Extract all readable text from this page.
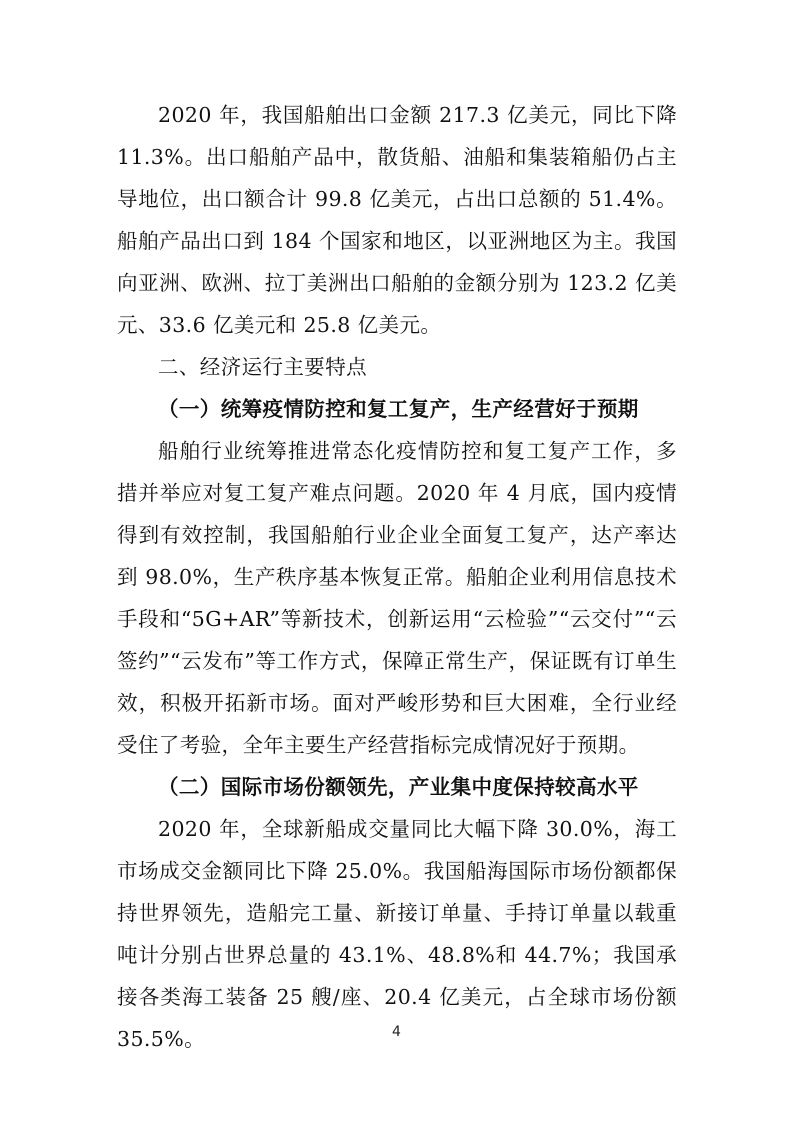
2020 年，我国船舶出口金额 217.3 亿美元，同比下降 11.3%。出口船舶产品中，散货船、油船和集装箱船仍占主导地位，出口额合计 99.8 亿美元，占出口总额的 51.4%。船舶产品出口到 184 个国家和地区，以亚洲地区为主。我国向亚洲、欧洲、拉丁美洲出口船舶的金额分别为 123.2 亿美元、33.6 亿美元和 25.8 亿美元。

二、经济运行主要特点
（一）统筹疫情防控和复工复产，生产经营好于预期

船舶行业统筹推进常态化疫情防控和复工复产工作，多措并举应对复工复产难点问题。2020 年 4 月底，国内疫情得到有效控制，我国船舶行业企业全面复工复产，达产率达到 98.0%，生产秩序基本恢复正常。船舶企业利用信息技术手段和“5G+AR”等新技术，创新运用“云检验”“云交付”“云签约”“云发布”等工作方式，保障正常生产，保证既有订单生效，积极开拓新市场。面对严峻形势和巨大困难，全行业经受住了考验，全年主要生产经营指标完成情况好于预期。

（二）国际市场份额领先，产业集中度保持较高水平

2020 年，全球新船成交量同比大幅下降 30.0%，海工市场成交金额同比下降 25.0%。我国船海国际市场份额都保持世界领先，造船完工量、新接订单量、手持订单量以载重吨计分别占世界总量的 43.1%、48.8%和 44.7%；我国承接各类海工装备 25 艘/座、20.4 亿美元，占全球市场份额 35.5%。	4
